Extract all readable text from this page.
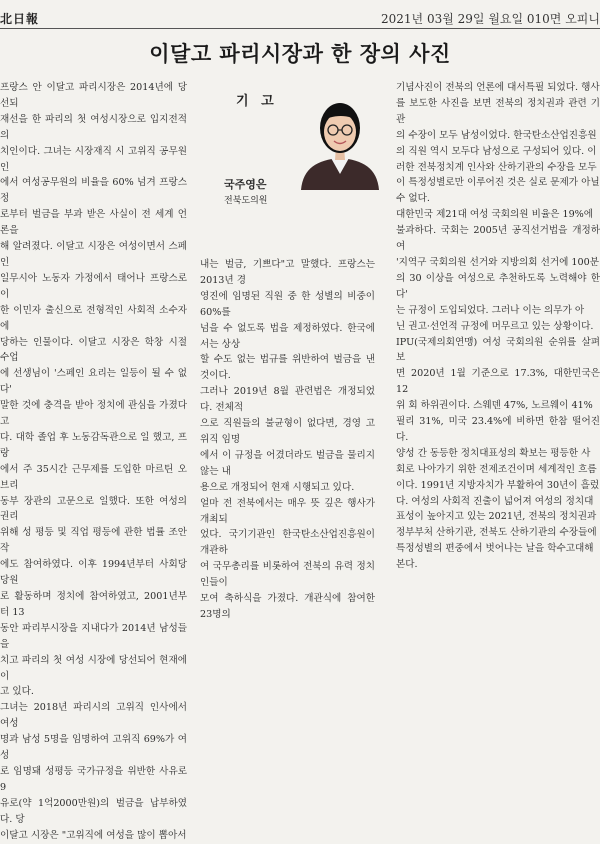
北日報	2021년 03월 29일 월요일 010면 오피니
이달고 파리시장과 한 장의 사진

프랑스 안 이달고 파리시장은 2014년에 당선되

재선을 한 파리의 첫 여성시장으로 입지전적의

치인이다. 그녀는 시장재직 시 고위직 공무원 인

에서 여성공무원의 비율을 60% 넘겨 프랑스정

로부터 벌금을 부과 받은 사실이 전 세계 언론을

해 알려졌다. 이달고 시장은 여성이면서 스페인

일무시아 노동자 가정에서 태어나 프랑스로 이

한 이민자 출신으로 전형적인 사회적 소수자에

당하는 인물이다. 이달고 시장은 학창 시절 수업

에 선생님이 '스페인 요리는 일등이 될 수 없다'

말한 것에 충격을 받아 정치에 관심을 가졌다고

다. 대학 졸업 후 노동감독관으로 일 했고, 프랑

에서 주 35시간 근무제를 도입한 마르틴 오브리

동부 장관의 고문으로 일했다. 또한 여성의 권리

위해 성 평등 및 직업 평등에 관한 법률 조안 작

에도 참여하였다. 이후 1994년부터 사회당 당원

로 활동하며 정치에 참여하였고, 2001년부터 13

동안 파리부시장을 지내다가 2014년 남성들을

치고 파리의 첫 여성 시장에 당선되어 현재에 이

고 있다.

그녀는 2018년 파리시의 고위직 인사에서 여성

명과 남성 5명을 임명하여 고위직 69%가 여성

로 임명돼 성평등 국가규정을 위반한 사유로 9

유로(약 1억2000만원)의 벌금을 납부하였다. 당

이달고 시장은 "고위직에 여성을 많이 뽑아서

기 고
국주영은
전북도의원

내는 벌금, 기쁘다"고 말했다. 프랑스는 2013년 경

영진에 임명된 직원 중 한 성별의 비중이 60%를

넘을 수 없도록 법을 제정하였다. 한국에서는 상상

할 수도 없는 법규를 위반하여 벌금을 낸 것이다.

그러나 2019년 8월 관련법은 개정되었다. 전체적

으로 직원들의 불균형이 없다면, 경영 고위직 임명

에서 이 규정을 어겼더라도 벌금을 물리지 않는 내

용으로 개정되어 현재 시행되고 있다.

얼마 전 전북에서는 매우 뜻 깊은 행사가 개최되

었다. 국기기관인 한국탄소산업진흥원이 개관하

여 국무총리를 비롯하여 전북의 유력 정치인들이

모여 축하식을 가졌다. 개관식에 참여한 23명의

기념사진이 전북의 언론에 대서특필 되었다. 행사

를 보도한 사진을 보면 전북의 정치권과 관련 기관

의 수장이 모두 남성이었다. 한국탄소산업진흥원

의 직원 역시 모두다 남성으로 구성되어 있다. 이

러한 전북정치계 인사와 산하기관의 수장을 모두

이 특정성별로만 이루어진 것은 실로 문제가 아닐

수 없다.

대한민국 제21대 여성 국회의원 비율은 19%에

불과하다. 국회는 2005년 공직선거법을 개정하여

'지역구 국회의원 선거와 지방의회 선거에 100분

의 30 이상을 여성으로 추천하도록 노력해야 한다'

는 규정이 도입되었다. 그러나 이는 의무가 아

닌 권고·선언적 규정에 머무르고 있는 상황이다.

IPU(국제의회연맹) 여성 국회의원 순위를 살펴보

면 2020년 1월 기준으로 17.3%, 대한민국은 12

위 회 하위권이다. 스웨덴 47%, 노르웨이 41%

필리 31%, 미국 23.4%에 비하면 한참 떨어진다.

양성 간 동등한 정치대표성의 확보는 평등한 사

회로 나아가기 위한 전제조건이며 세계적인 흐름

이다. 1991년 지방자치가 부활하여 30년이 흘렀

다. 여성의 사회적 진출이 넓어져 여성의 정치대

표성이 높아지고 있는 2021년, 전북의 정치권과

정부부처 산하기관, 전북도 산하기관의 수장들에

특정성별의 편중에서 벗어나는 날을 학수고대해

본다.
